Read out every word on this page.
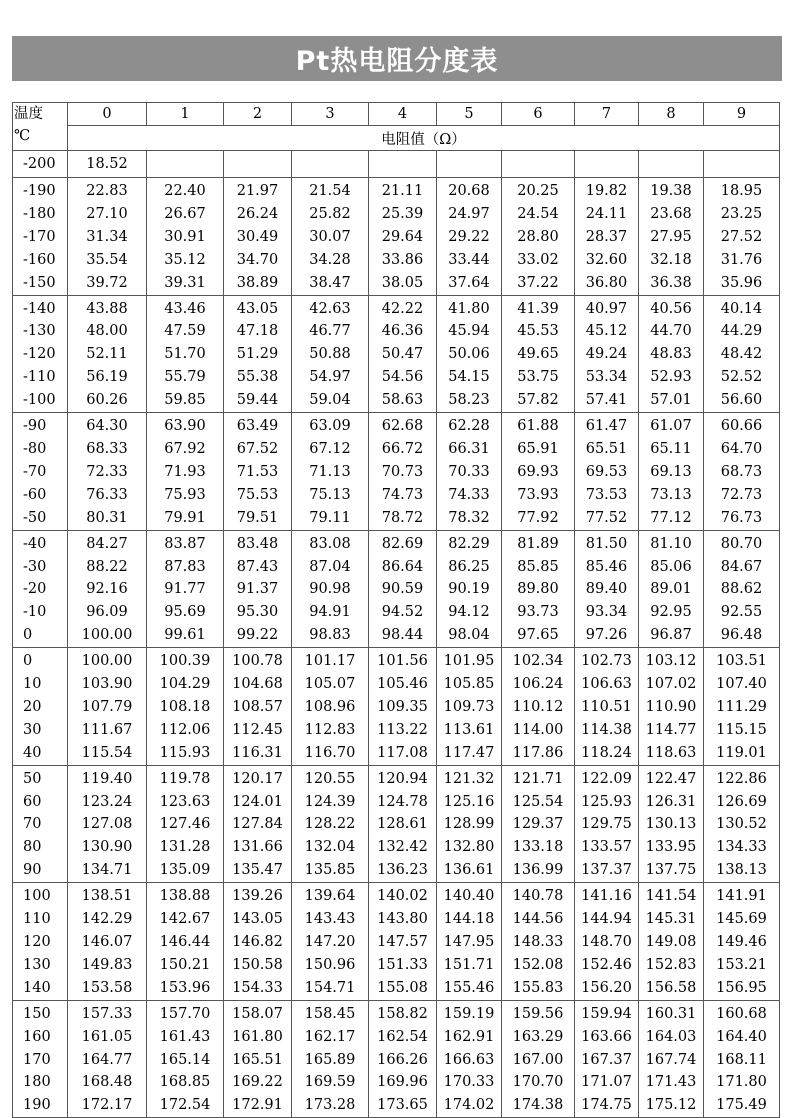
Pt热电阻分度表
温度
℃	0	1	2	3	4	5	6	7	8	9
	电阻值（Ω）									
-200	18.52									
-190	22.83	22.40	21.97	21.54	21.11	20.68	20.25	19.82	19.38	18.95
-180	27.10	26.67	26.24	25.82	25.39	24.97	24.54	24.11	23.68	23.25
-170	31.34	30.91	30.49	30.07	29.64	29.22	28.80	28.37	27.95	27.52
-160	35.54	35.12	34.70	34.28	33.86	33.44	33.02	32.60	32.18	31.76
-150	39.72	39.31	38.89	38.47	38.05	37.64	37.22	36.80	36.38	35.96
-140	43.88	43.46	43.05	42.63	42.22	41.80	41.39	40.97	40.56	40.14
-130	48.00	47.59	47.18	46.77	46.36	45.94	45.53	45.12	44.70	44.29
-120	52.11	51.70	51.29	50.88	50.47	50.06	49.65	49.24	48.83	48.42
-110	56.19	55.79	55.38	54.97	54.56	54.15	53.75	53.34	52.93	52.52
-100	60.26	59.85	59.44	59.04	58.63	58.23	57.82	57.41	57.01	56.60
-90	64.30	63.90	63.49	63.09	62.68	62.28	61.88	61.47	61.07	60.66
-80	68.33	67.92	67.52	67.12	66.72	66.31	65.91	65.51	65.11	64.70
-70	72.33	71.93	71.53	71.13	70.73	70.33	69.93	69.53	69.13	68.73
-60	76.33	75.93	75.53	75.13	74.73	74.33	73.93	73.53	73.13	72.73
-50	80.31	79.91	79.51	79.11	78.72	78.32	77.92	77.52	77.12	76.73
-40	84.27	83.87	83.48	83.08	82.69	82.29	81.89	81.50	81.10	80.70
-30	88.22	87.83	87.43	87.04	86.64	86.25	85.85	85.46	85.06	84.67
-20	92.16	91.77	91.37	90.98	90.59	90.19	89.80	89.40	89.01	88.62
-10	96.09	95.69	95.30	94.91	94.52	94.12	93.73	93.34	92.95	92.55
0	100.00	99.61	99.22	98.83	98.44	98.04	97.65	97.26	96.87	96.48
0	100.00	100.39	100.78	101.17	101.56	101.95	102.34	102.73	103.12	103.51
10	103.90	104.29	104.68	105.07	105.46	105.85	106.24	106.63	107.02	107.40
20	107.79	108.18	108.57	108.96	109.35	109.73	110.12	110.51	110.90	111.29
30	111.67	112.06	112.45	112.83	113.22	113.61	114.00	114.38	114.77	115.15
40	115.54	115.93	116.31	116.70	117.08	117.47	117.86	118.24	118.63	119.01
50	119.40	119.78	120.17	120.55	120.94	121.32	121.71	122.09	122.47	122.86
60	123.24	123.63	124.01	124.39	124.78	125.16	125.54	125.93	126.31	126.69
70	127.08	127.46	127.84	128.22	128.61	128.99	129.37	129.75	130.13	130.52
80	130.90	131.28	131.66	132.04	132.42	132.80	133.18	133.57	133.95	134.33
90	134.71	135.09	135.47	135.85	136.23	136.61	136.99	137.37	137.75	138.13
100	138.51	138.88	139.26	139.64	140.02	140.40	140.78	141.16	141.54	141.91
110	142.29	142.67	143.05	143.43	143.80	144.18	144.56	144.94	145.31	145.69
120	146.07	146.44	146.82	147.20	147.57	147.95	148.33	148.70	149.08	149.46
130	149.83	150.21	150.58	150.96	151.33	151.71	152.08	152.46	152.83	153.21
140	153.58	153.96	154.33	154.71	155.08	155.46	155.83	156.20	156.58	156.95
150	157.33	157.70	158.07	158.45	158.82	159.19	159.56	159.94	160.31	160.68
160	161.05	161.43	161.80	162.17	162.54	162.91	163.29	163.66	164.03	164.40
170	164.77	165.14	165.51	165.89	166.26	166.63	167.00	167.37	167.74	168.11
180	168.48	168.85	169.22	169.59	169.96	170.33	170.70	171.07	171.43	171.80
190	172.17	172.54	172.91	173.28	173.65	174.02	174.38	174.75	175.12	175.49
